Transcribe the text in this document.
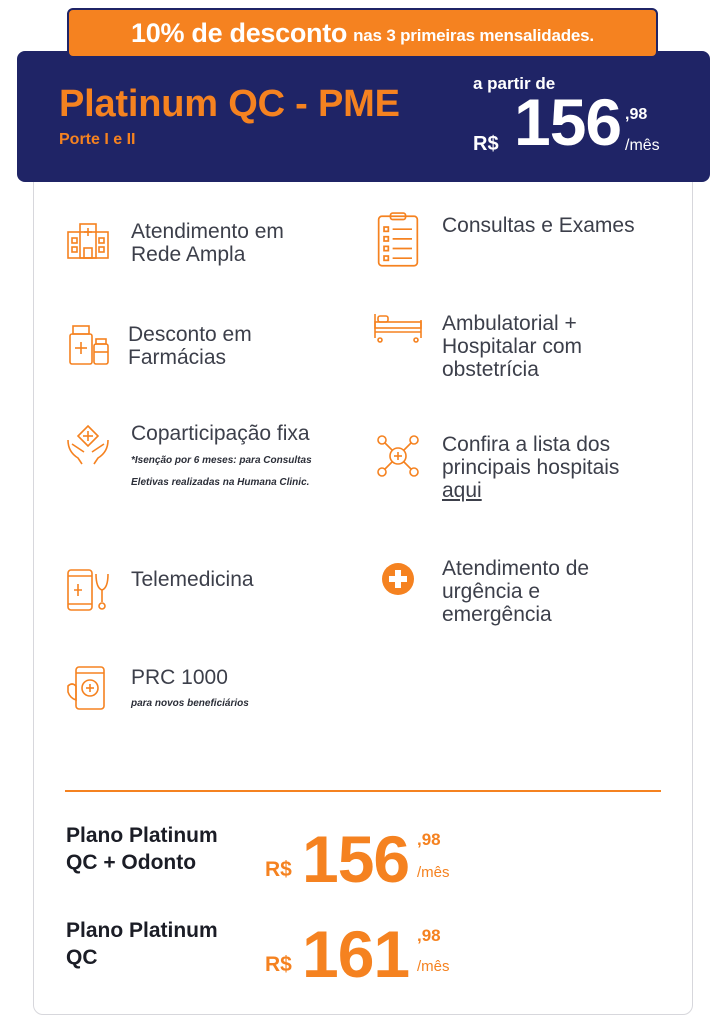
Platinum QC - PME
Porte I e II
a partir de
R$ 156 ,98
/mês
10% de desconto nas 3 primeiras mensalidades.
Atendimento em
Rede Ampla
Consultas e Exames
Desconto em
Farmácias
Ambulatorial +
Hospitalar com
obstetrícia
Coparticipação fixa
*Isenção por 6 meses: para Consultas Eletivas realizadas na Humana Clinic.
Confira a lista dos
principais hospitais
aqui
Telemedicina	Atendimento de
urgência e
emergência
PRC 1000
para novos beneficiários
Plano Platinum
QC + Odonto	R$ 156 ,98
/mês
Plano Platinum
QC	R$ 161 ,98
/mês
